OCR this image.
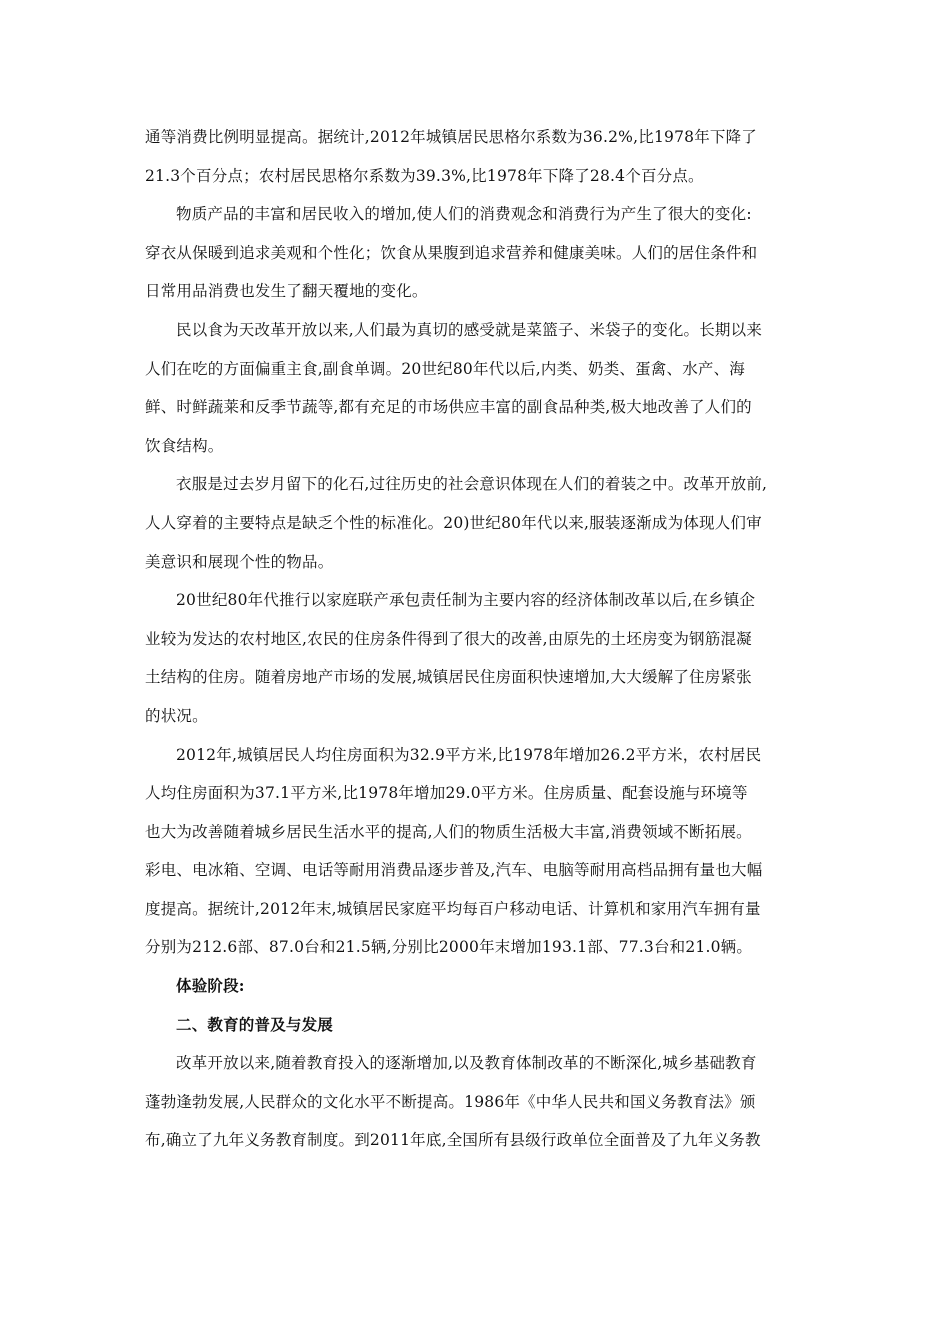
通等消费比例明显提高。据统计,2012年城镇居民思格尔系数为36.2%,比1978年下降了
21.3个百分点；农村居民思格尔系数为39.3%,比1978年下降了28.4个百分点。
物质产品的丰富和居民收入的增加,使人们的消费观念和消费行为产生了很大的变化:
穿衣从保暖到追求美观和个性化；饮食从果腹到追求营养和健康美味。人们的居住条件和
日常用品消费也发生了翻天覆地的变化。
民以食为天改革开放以来,人们最为真切的感受就是菜篮子、米袋子的变化。长期以来
人们在吃的方面偏重主食,副食单调。20世纪80年代以后,内类、奶类、蛋禽、水产、海
鲜、时鲜蔬莱和反季节蔬等,都有充足的市场供应丰富的副食品种类,极大地改善了人们的
饮食结构。
衣服是过去岁月留下的化石,过往历史的社会意识体现在人们的着装之中。改革开放前,
人人穿着的主要特点是缺乏个性的标准化。20)世纪80年代以来,服装逐渐成为体现人们审
美意识和展现个性的物品。
20世纪80年代推行以家庭联产承包责任制为主要内容的经济体制改革以后,在乡镇企
业较为发达的农村地区,农民的住房条件得到了很大的改善,由原先的土坯房变为钢筋混凝
土结构的住房。随着房地产市场的发展,城镇居民住房面积快速增加,大大缓解了住房紧张
的状况。
2012年,城镇居民人均住房面积为32.9平方米,比1978年增加26.2平方米，农村居民
人均住房面积为37.1平方米,比1978年增加29.0平方米。住房质量、配套设施与环境等
也大为改善随着城乡居民生活水平的提高,人们的物质生活极大丰富,消费领域不断拓展。
彩电、电冰箱、空调、电话等耐用消费品逐步普及,汽车、电脑等耐用高档品拥有量也大幅
度提高。据统计,2012年末,城镇居民家庭平均每百户移动电话、计算机和家用汽车拥有量
分别为212.6部、87.0台和21.5辆,分别比2000年末增加193.1部、77.3台和21.0辆。
体验阶段:
二、教育的普及与发展
改革开放以来,随着教育投入的逐渐增加,以及教育体制改革的不断深化,城乡基础教育
蓬勃逢勃发展,人民群众的文化水平不断提高。1986年《中华人民共和国义务教育法》颁
布,确立了九年义务教育制度。到2011年底,全国所有县级行政单位全面普及了九年义务教
